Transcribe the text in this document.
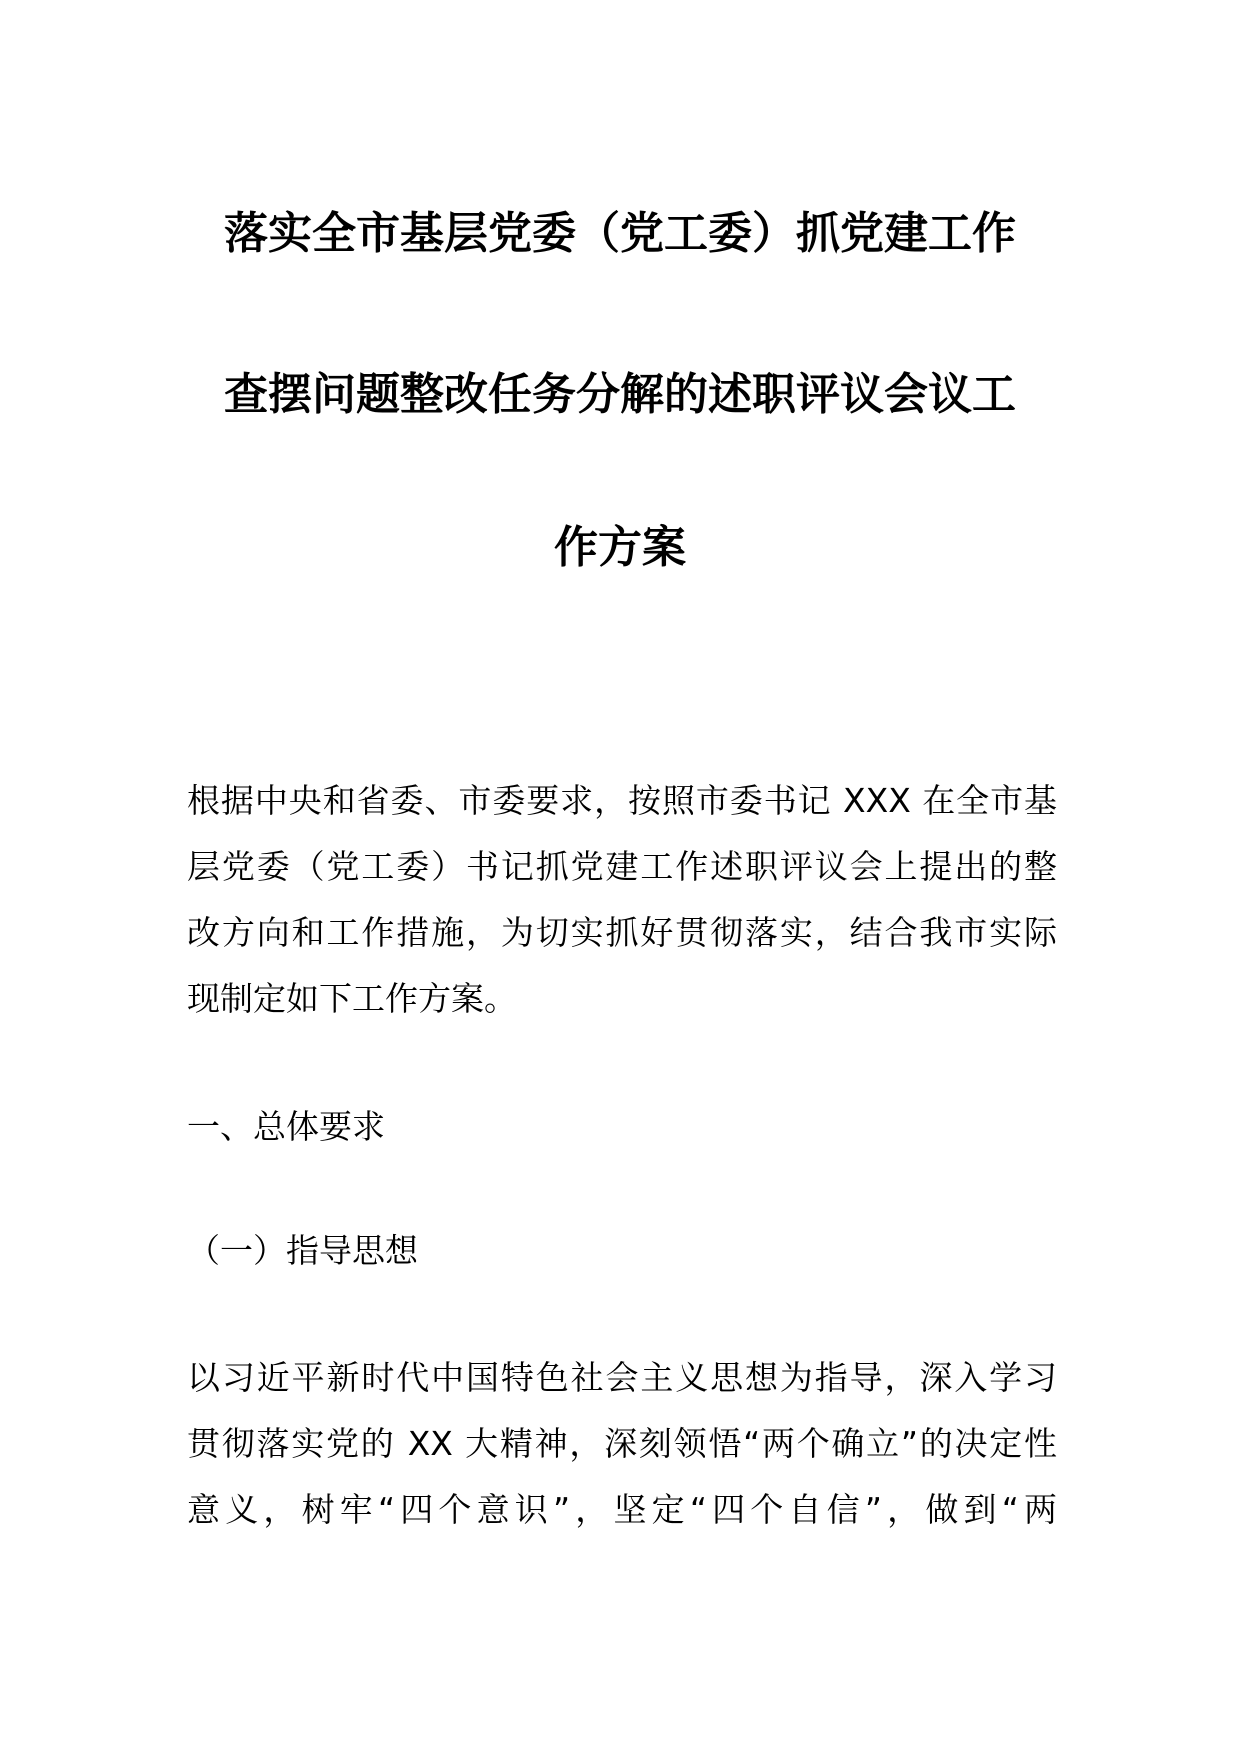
落实全市基层党委（党工委）抓党建工作
查摆问题整改任务分解的述职评议会议工
作方案
根据中央和省委、市委要求，按照市委书记 XXX 在全市基
层党委（党工委）书记抓党建工作述职评议会上提出的整
改方向和工作措施，为切实抓好贯彻落实，结合我市实际
现制定如下工作方案。
一、总体要求
（一）指导思想
以习近平新时代中国特色社会主义思想为指导，深入学习
贯彻落实党的 XX 大精神，深刻领悟“两个确立”的决定性
意义，树牢“四个意识”，坚定“四个自信”，做到“两
